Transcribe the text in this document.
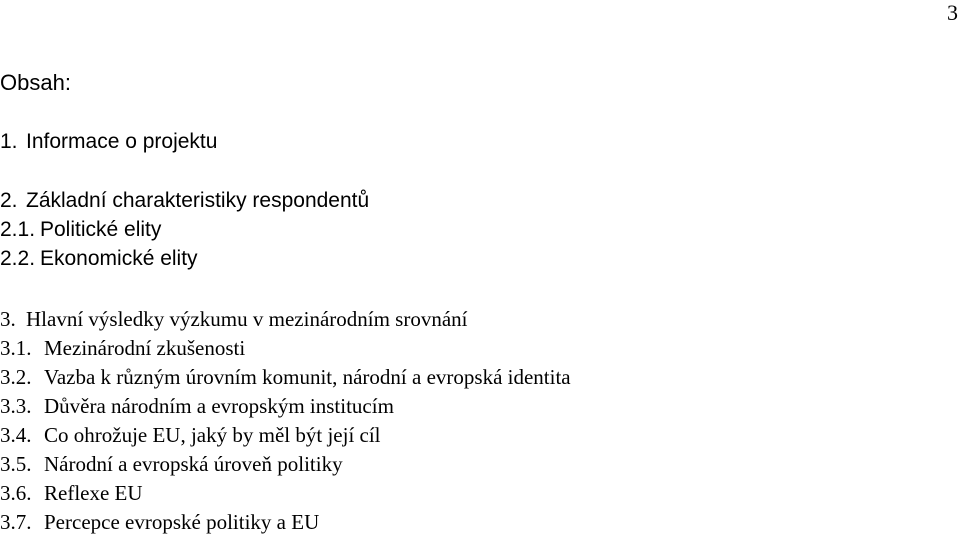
3
Obsah:
1. Informace o projektu
2. Základní charakteristiky respondentů
2.1. Politické elity
2.2. Ekonomické elity
3. Hlavní výsledky výzkumu v mezinárodním srovnání
3.1. Mezinárodní zkušenosti
3.2. Vazba k různým úrovním komunit, národní a evropská identita
3.3. Důvěra národním a evropským institucím
3.4. Co ohrožuje EU, jaký by měl být její cíl
3.5. Národní a evropská úroveň politiky
3.6. Reflexe EU
3.7. Percepce evropské politiky a EU
